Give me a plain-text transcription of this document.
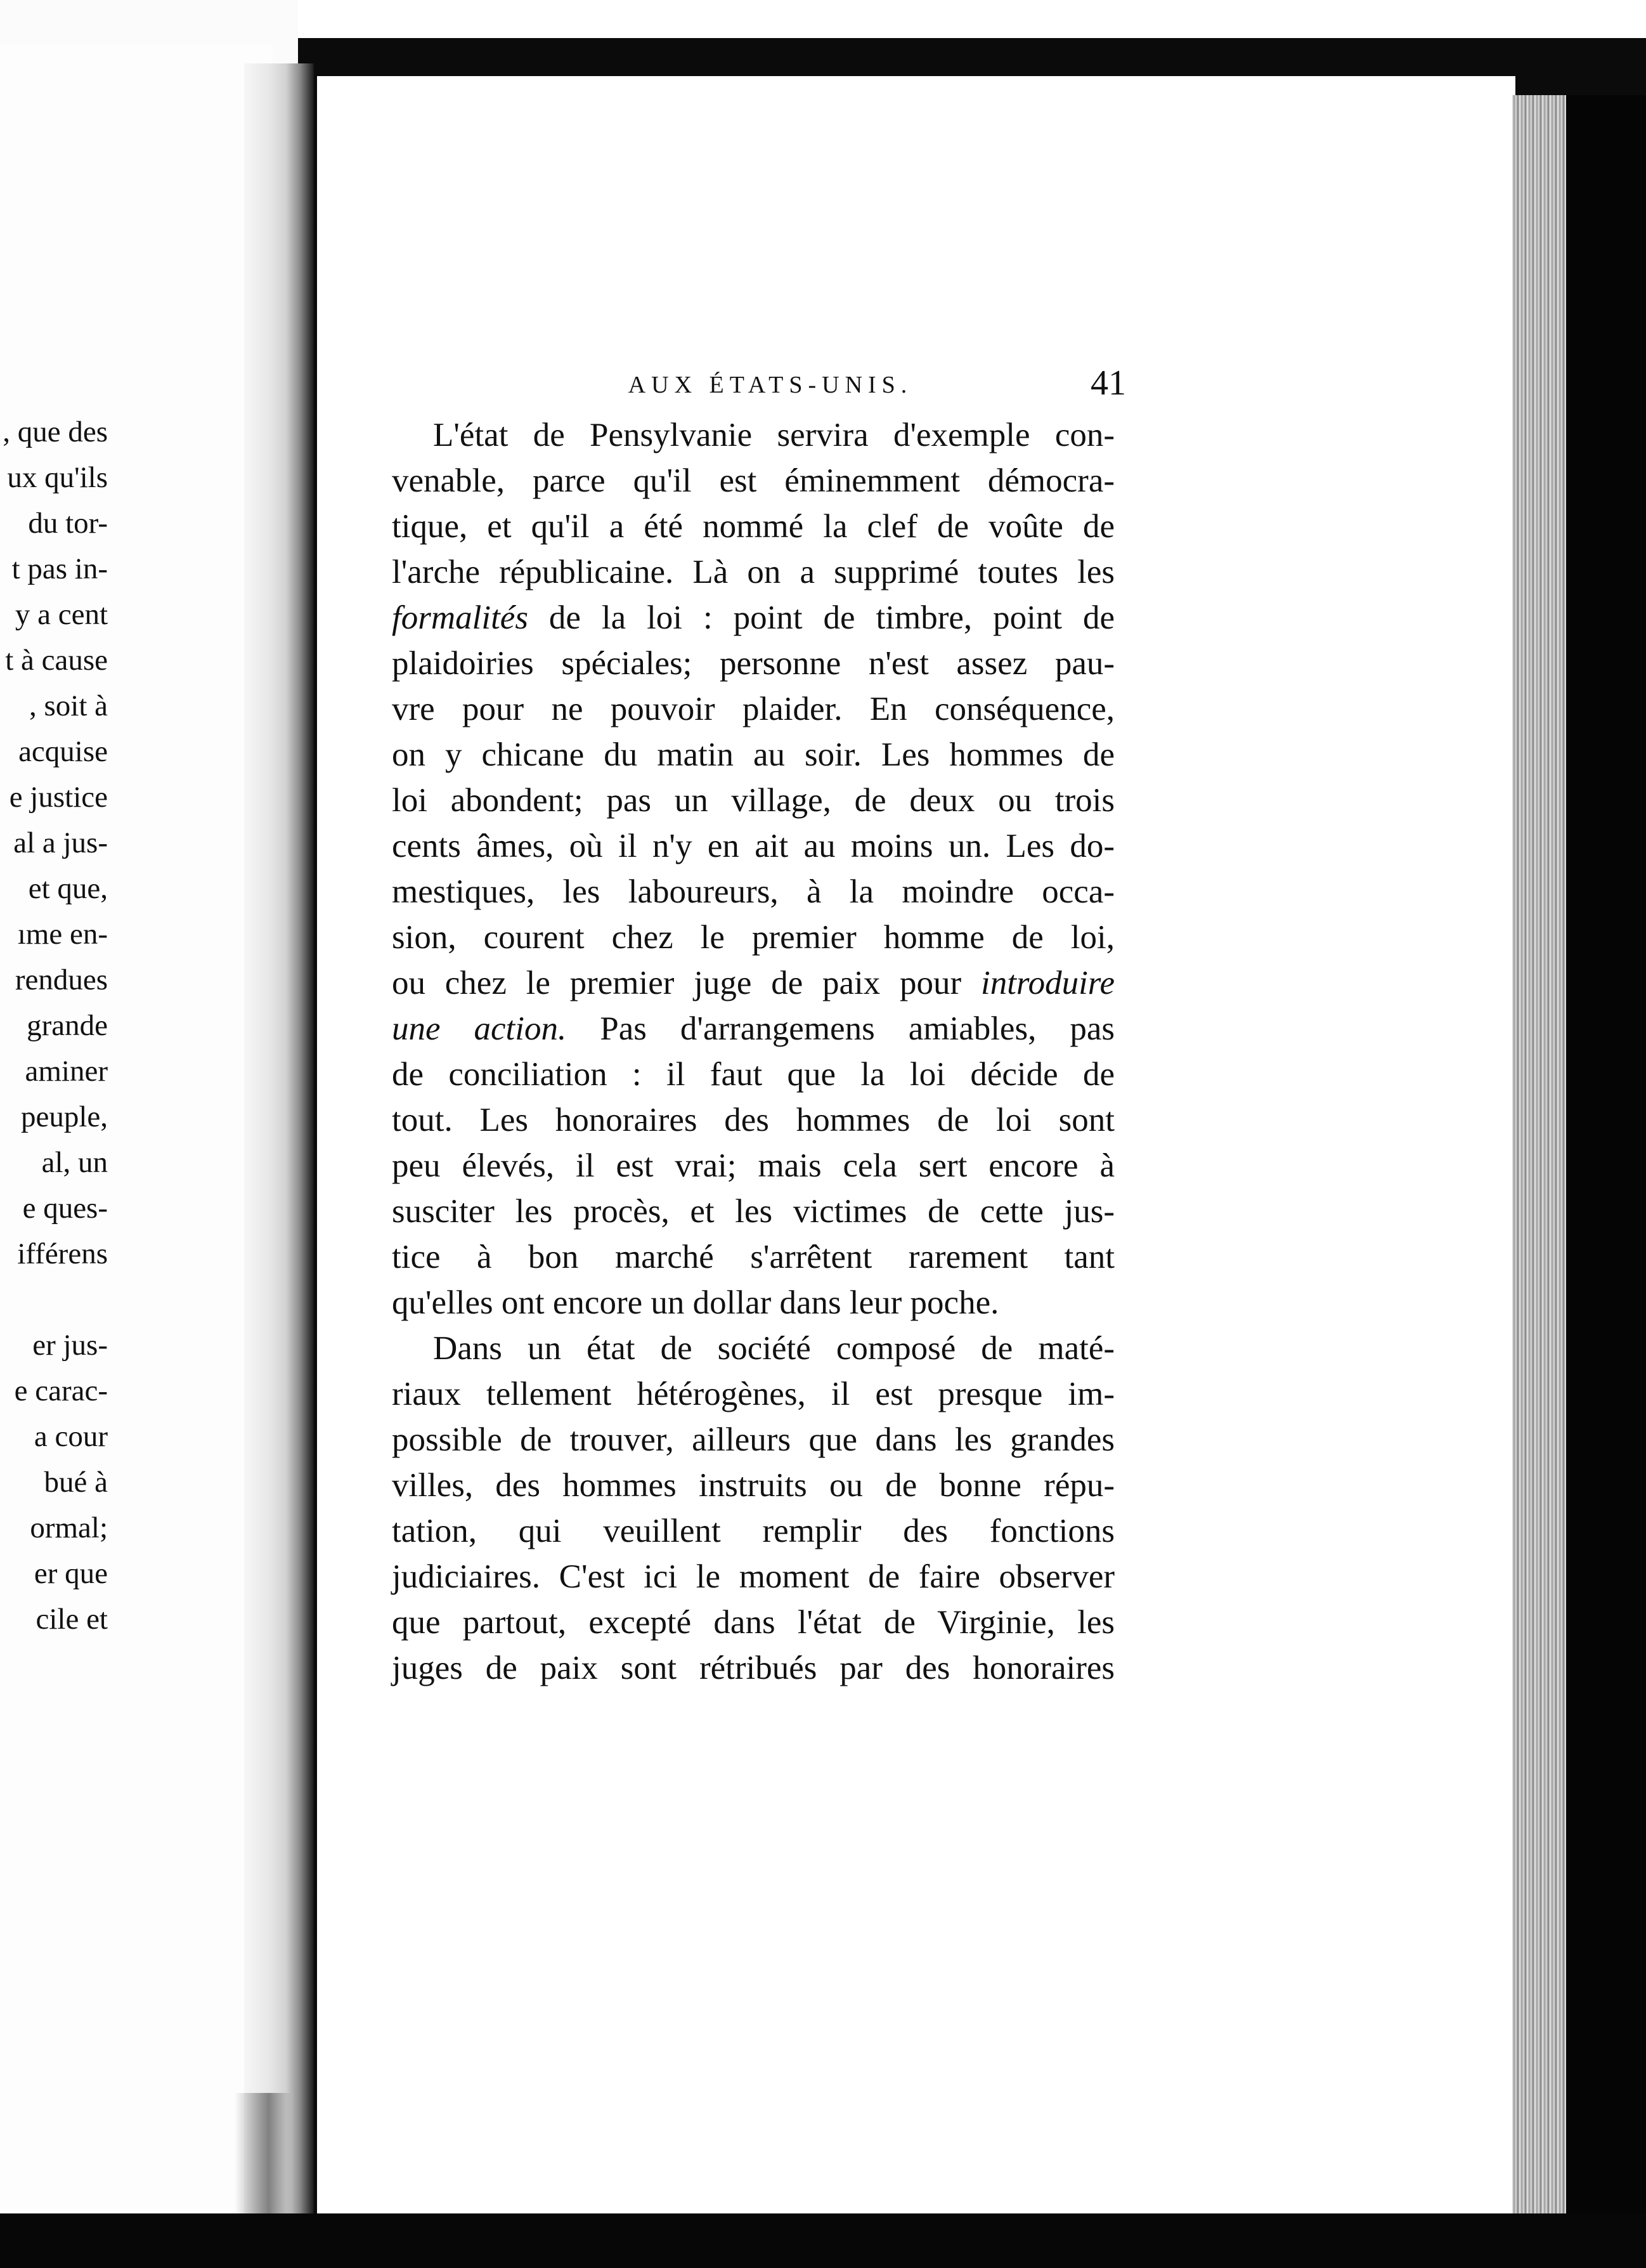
, que des
ux qu'ils
du tor-
t pas in-
y a cent
t à cause
, soit à
acquise
e justice
al a jus-
et que,
ıme en-
rendues
grande
aminer
peuple,
al, un
e ques-
ifférens
er jus-
e carac-
a cour
bué à
ormal;
er que
cile et
AUX ÉTATS-UNIS.	41
L'état de Pensylvanie servira d'exemple con-
venable, parce qu'il est éminemment démocra-
tique, et qu'il a été nommé la clef de voûte de
l'arche républicaine. Là on a supprimé toutes les
formalités de la loi : point de timbre, point de
plaidoiries spéciales; personne n'est assez pau-
vre pour ne pouvoir plaider. En conséquence,
on y chicane du matin au soir. Les hommes de
loi abondent; pas un village, de deux ou trois
cents âmes, où il n'y en ait au moins un. Les do-
mestiques, les laboureurs, à la moindre occa-
sion, courent chez le premier homme de loi,
ou chez le premier juge de paix pour introduire
une action. Pas d'arrangemens amiables, pas
de conciliation : il faut que la loi décide de
tout. Les honoraires des hommes de loi sont
peu élevés, il est vrai; mais cela sert encore à
susciter les procès, et les victimes de cette jus-
tice à bon marché s'arrêtent rarement tant
qu'elles ont encore un dollar dans leur poche.
Dans un état de société composé de maté-
riaux tellement hétérogènes, il est presque im-
possible de trouver, ailleurs que dans les grandes
villes, des hommes instruits ou de bonne répu-
tation, qui veuillent remplir des fonctions
judiciaires. C'est ici le moment de faire observer
que partout, excepté dans l'état de Virginie, les
juges de paix sont rétribués par des honoraires
